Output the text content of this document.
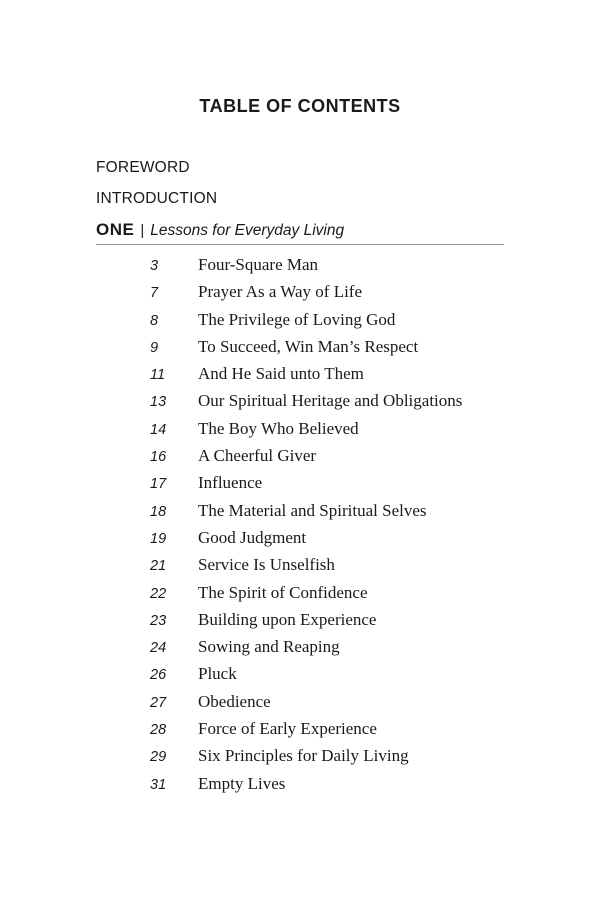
TABLE OF CONTENTS
FOREWORD
INTRODUCTION
ONE | Lessons for Everyday Living
3 Four-Square Man
7 Prayer As a Way of Life
8 The Privilege of Loving God
9 To Succeed, Win Man’s Respect
11 And He Said unto Them
13 Our Spiritual Heritage and Obligations
14 The Boy Who Believed
16 A Cheerful Giver
17 Influence
18 The Material and Spiritual Selves
19 Good Judgment
21 Service Is Unselfish
22 The Spirit of Confidence
23 Building upon Experience
24 Sowing and Reaping
26 Pluck
27 Obedience
28 Force of Early Experience
29 Six Principles for Daily Living
31 Empty Lives
